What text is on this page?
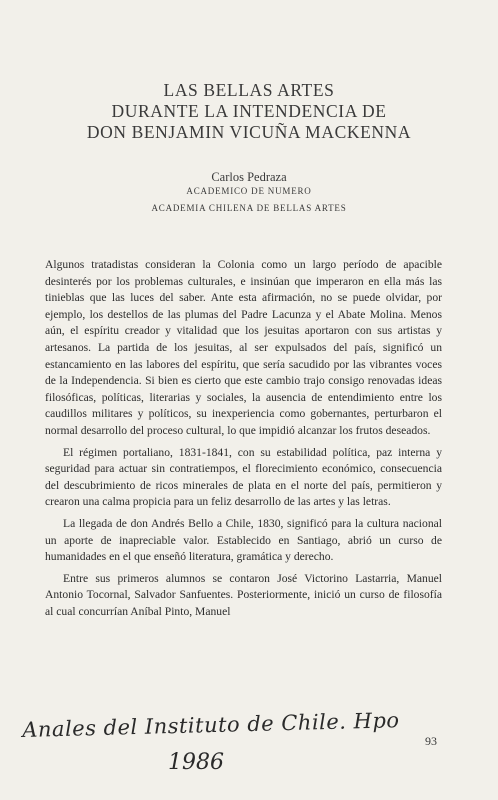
LAS BELLAS ARTES
DURANTE LA INTENDENCIA DE
DON BENJAMIN VICUÑA MACKENNA
Carlos Pedraza
ACADEMICO DE NUMERO
ACADEMIA CHILENA DE BELLAS ARTES

Algunos tratadistas consideran la Colonia como un largo período de apacible desinterés por los problemas culturales, e insinúan que imperaron en ella más las tinieblas que las luces del saber. Ante esta afirmación, no se puede olvidar, por ejemplo, los destellos de las plumas del Padre Lacunza y el Abate Molina. Menos aún, el espíritu creador y vitalidad que los jesuitas aportaron con sus artistas y artesanos. La partida de los jesuitas, al ser expulsados del país, significó un estancamiento en las labores del espíritu, que sería sacudido por las vibrantes voces de la Independencia. Si bien es cierto que este cambio trajo consigo renovadas ideas filosóficas, políticas, literarias y sociales, la ausencia de entendimiento entre los caudillos militares y políticos, su inexperiencia como gobernantes, perturbaron el normal desarrollo del proceso cultural, lo que impidió alcanzar los frutos deseados.

El régimen portaliano, 1831-1841, con su estabilidad política, paz interna y seguridad para actuar sin contratiempos, el florecimiento económico, consecuencia del descubrimiento de ricos minerales de plata en el norte del país, permitieron y crearon una calma propicia para un feliz desarrollo de las artes y las letras.

La llegada de don Andrés Bello a Chile, 1830, significó para la cultura nacional un aporte de inapreciable valor. Establecido en Santiago, abrió un curso de humanidades en el que enseñó literatura, gramática y derecho.

Entre sus primeros alumnos se contaron José Victorino Lastarria, Manuel Antonio Tocornal, Salvador Sanfuentes. Posteriormente, inició un curso de filosofía al cual concurrían Aníbal Pinto, Manuel

Anales del Instituto de Chile. Hpo
1986
93
